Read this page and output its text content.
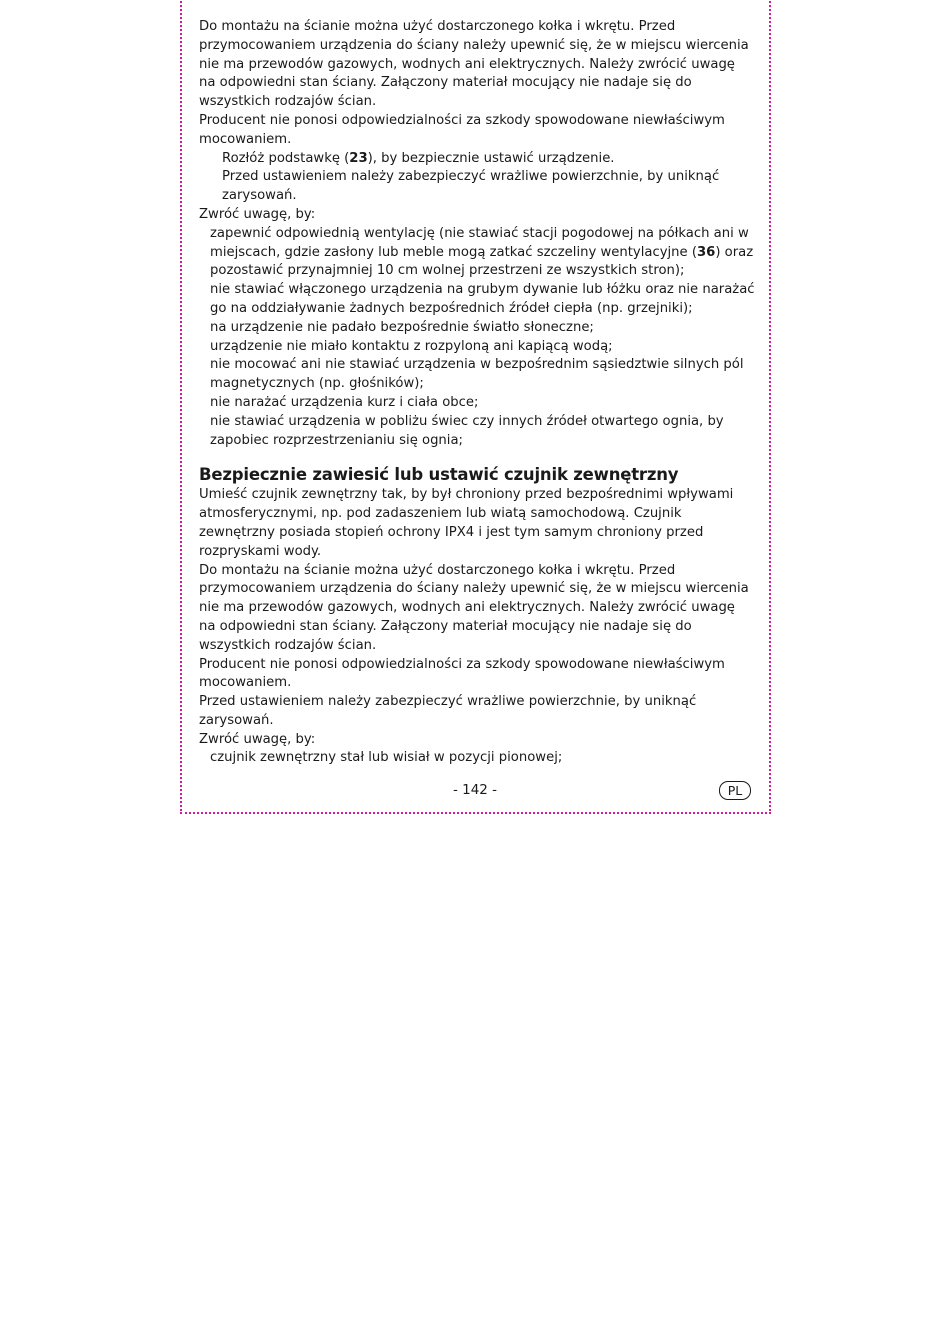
Do montażu na ścianie można użyć dostarczonego kołka i wkrętu. Przed przymocowaniem urządzenia do ściany należy upewnić się, że w miejscu wiercenia nie ma przewodów gazowych, wodnych ani elektrycznych. Należy zwrócić uwagę na odpowiedni stan ściany. Załączony materiał mocujący nie nadaje się do wszystkich rodzajów ścian.

Producent nie ponosi odpowiedzialności za szkody spowodowane niewłaściwym mocowaniem.

Rozłóż podstawkę (23), by bezpiecznie ustawić urządzenie.

Przed ustawieniem należy zabezpieczyć wrażliwe powierzchnie, by uniknąć zarysowań.

Zwróć uwagę, by:

zapewnić odpowiednią wentylację (nie stawiać stacji pogodowej na półkach ani w miejscach, gdzie zasłony lub meble mogą zatkać szczeliny wentylacyjne (36) oraz pozostawić przynajmniej 10 cm wolnej przestrzeni ze wszystkich stron);

nie stawiać włączonego urządzenia na grubym dywanie lub łóżku oraz nie narażać go na oddziaływanie żadnych bezpośrednich źródeł ciepła (np. grzejniki);

na urządzenie nie padało bezpośrednie światło słoneczne;

urządzenie nie miało kontaktu z rozpyloną ani kapiącą wodą;

nie mocować ani nie stawiać urządzenia w bezpośrednim sąsiedztwie silnych pól magnetycznych (np. głośników);

nie narażać urządzenia kurz i ciała obce;

nie stawiać urządzenia w pobliżu świec czy innych źródeł otwartego ognia, by zapobiec rozprzestrzenianiu się ognia;

Bezpiecznie zawiesić lub ustawić czujnik zewnętrzny

Umieść czujnik zewnętrzny tak, by był chroniony przed bezpośrednimi wpływami atmosferycznymi, np. pod zadaszeniem lub wiatą samochodową. Czujnik zewnętrzny posiada stopień ochrony IPX4 i jest tym samym chroniony przed rozpryskami wody.

Do montażu na ścianie można użyć dostarczonego kołka i wkrętu. Przed przymocowaniem urządzenia do ściany należy upewnić się, że w miejscu wiercenia nie ma przewodów gazowych, wodnych ani elektrycznych. Należy zwrócić uwagę na odpowiedni stan ściany. Załączony materiał mocujący nie nadaje się do wszystkich rodzajów ścian.

Producent nie ponosi odpowiedzialności za szkody spowodowane niewłaściwym mocowaniem.

Przed ustawieniem należy zabezpieczyć wrażliwe powierzchnie, by uniknąć zarysowań.

Zwróć uwagę, by:

czujnik zewnętrzny stał lub wisiał w pozycji pionowej;

- 142 -	PL
